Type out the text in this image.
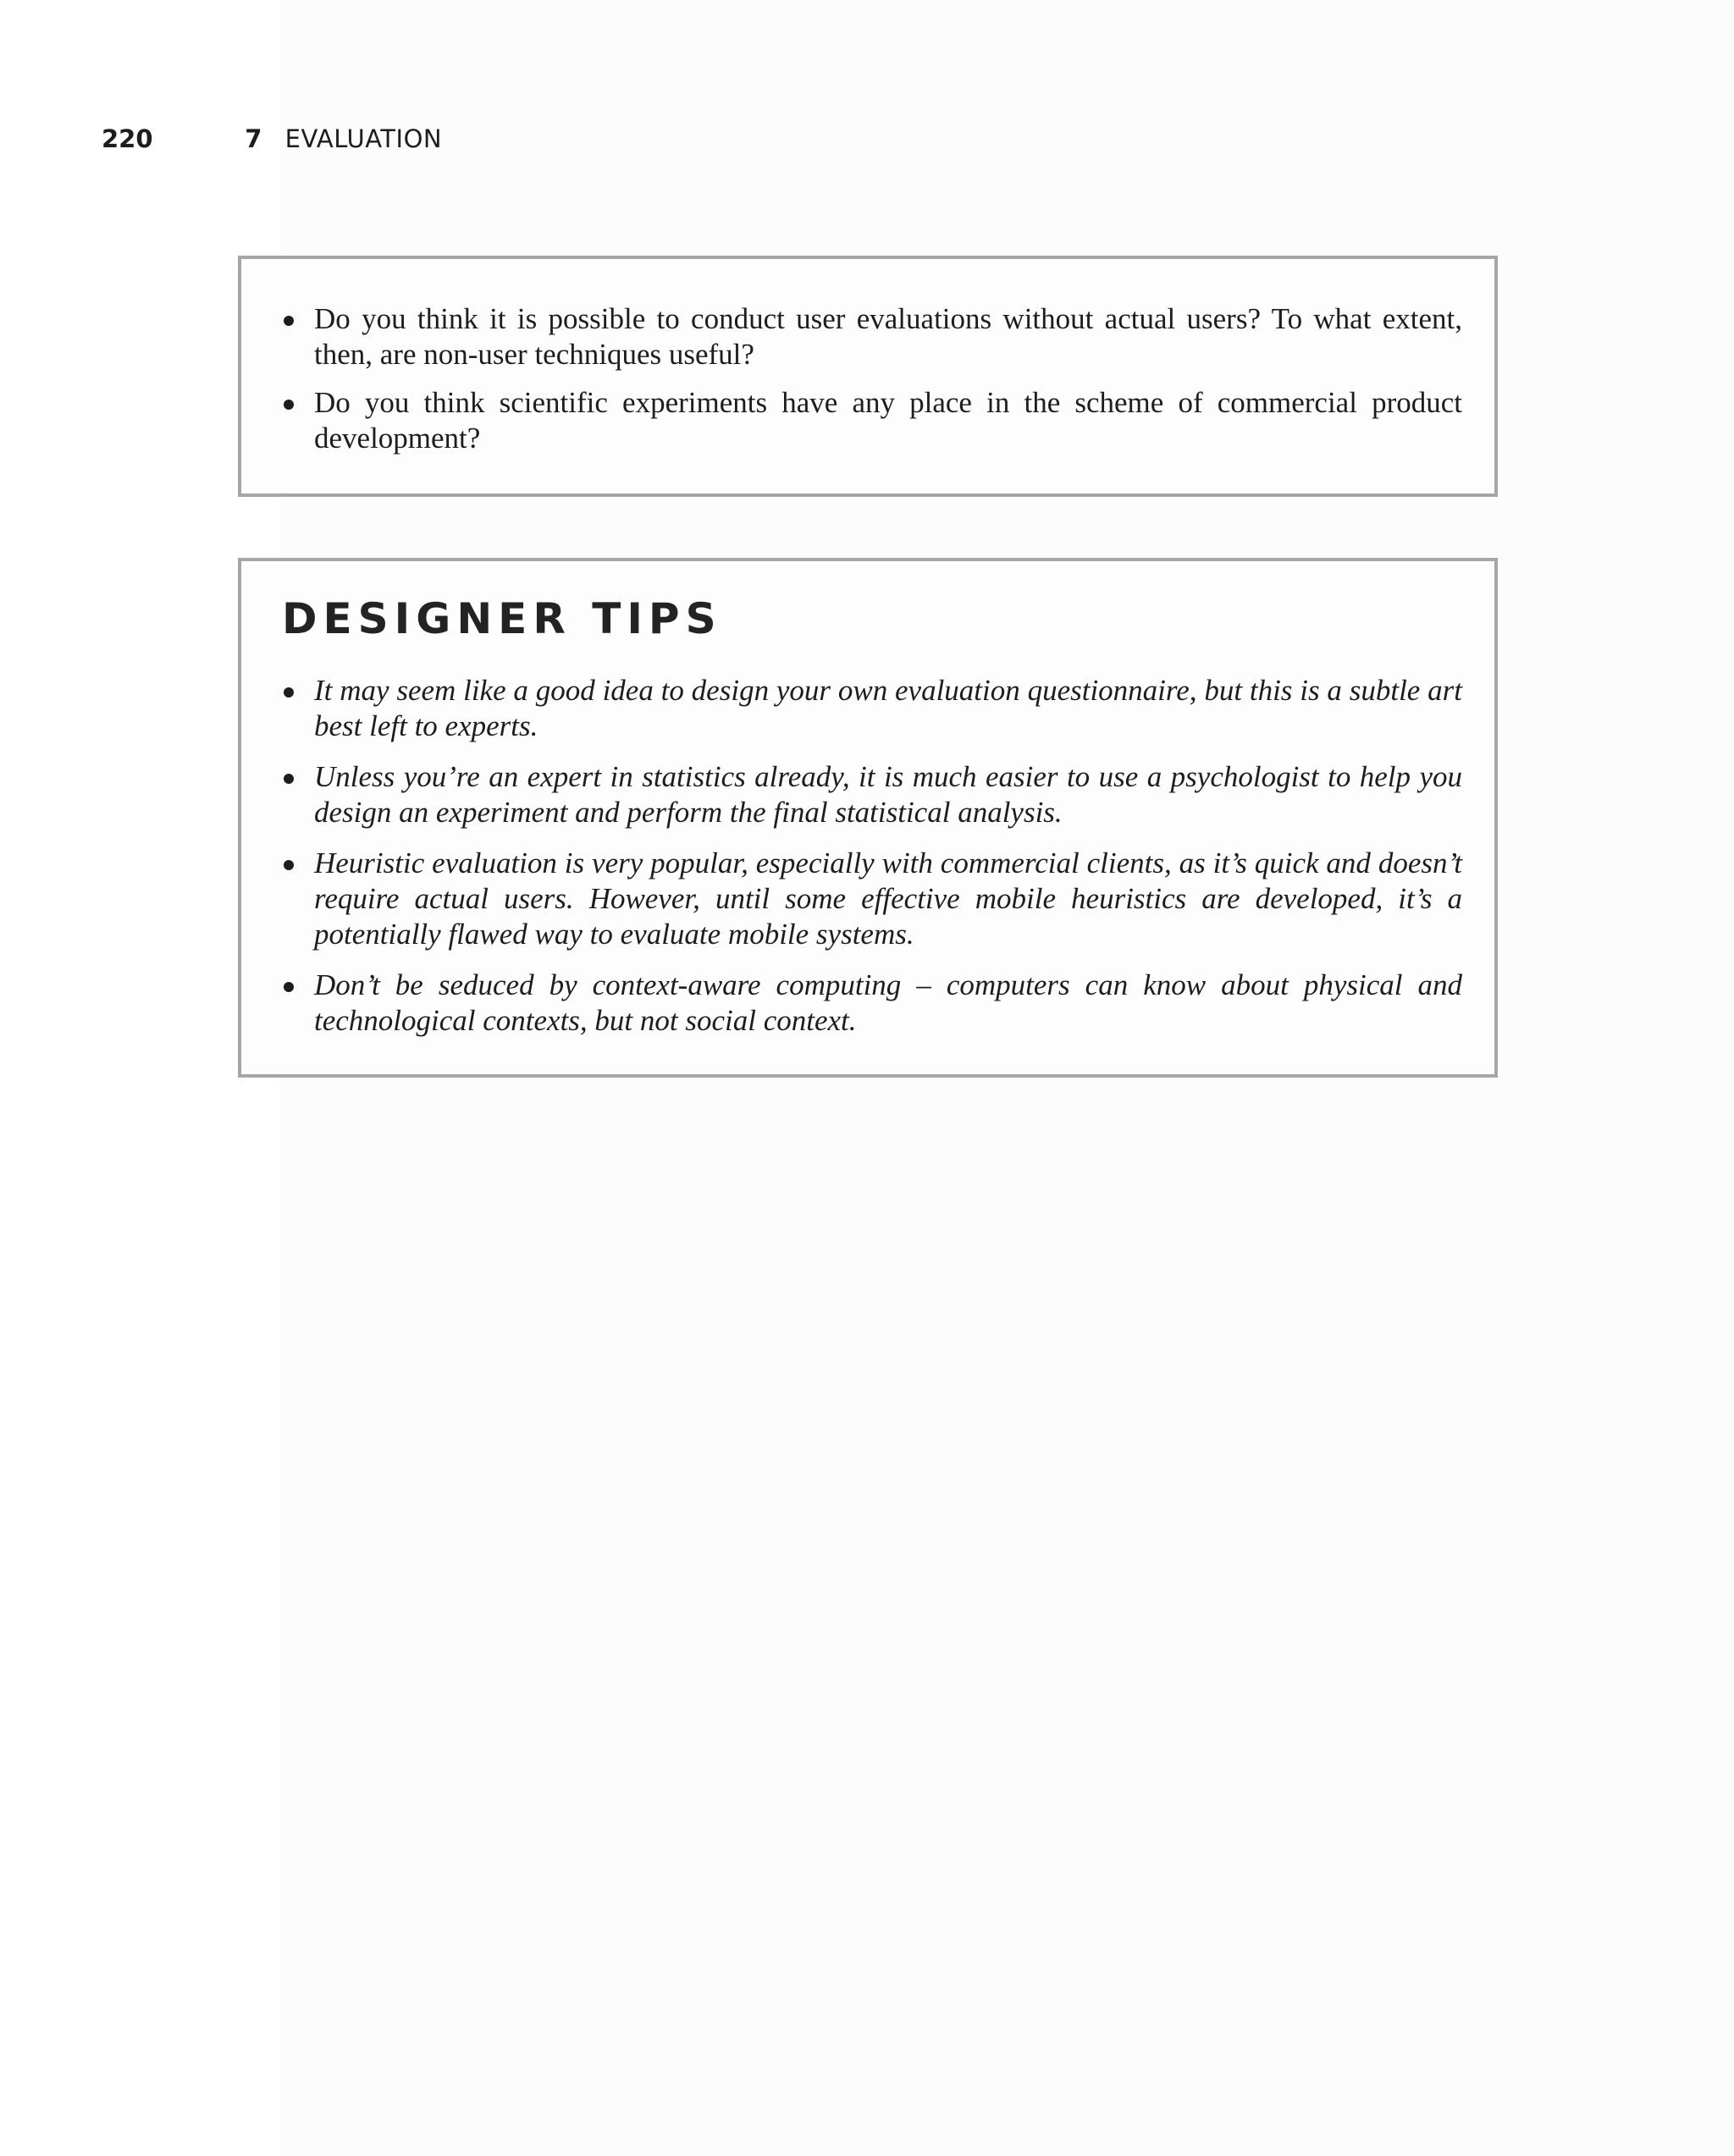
220	7 EVALUATION
Do you think it is possible to conduct user evaluations without actual users? To what extent, then, are non-user techniques useful?
Do you think scientific experiments have any place in the scheme of commercial product development?
DESIGNER TIPS
It may seem like a good idea to design your own evaluation questionnaire, but this is a subtle art best left to experts.
Unless you’re an expert in statistics already, it is much easier to use a psychologist to help you design an experiment and perform the final statistical analysis.
Heuristic evaluation is very popular, especially with commercial clients, as it’s quick and doesn’t require actual users. However, until some effective mobile heuristics are developed, it’s a potentially flawed way to evaluate mobile systems.
Don’t be seduced by context-aware computing – computers can know about physical and technological contexts, but not social context.
